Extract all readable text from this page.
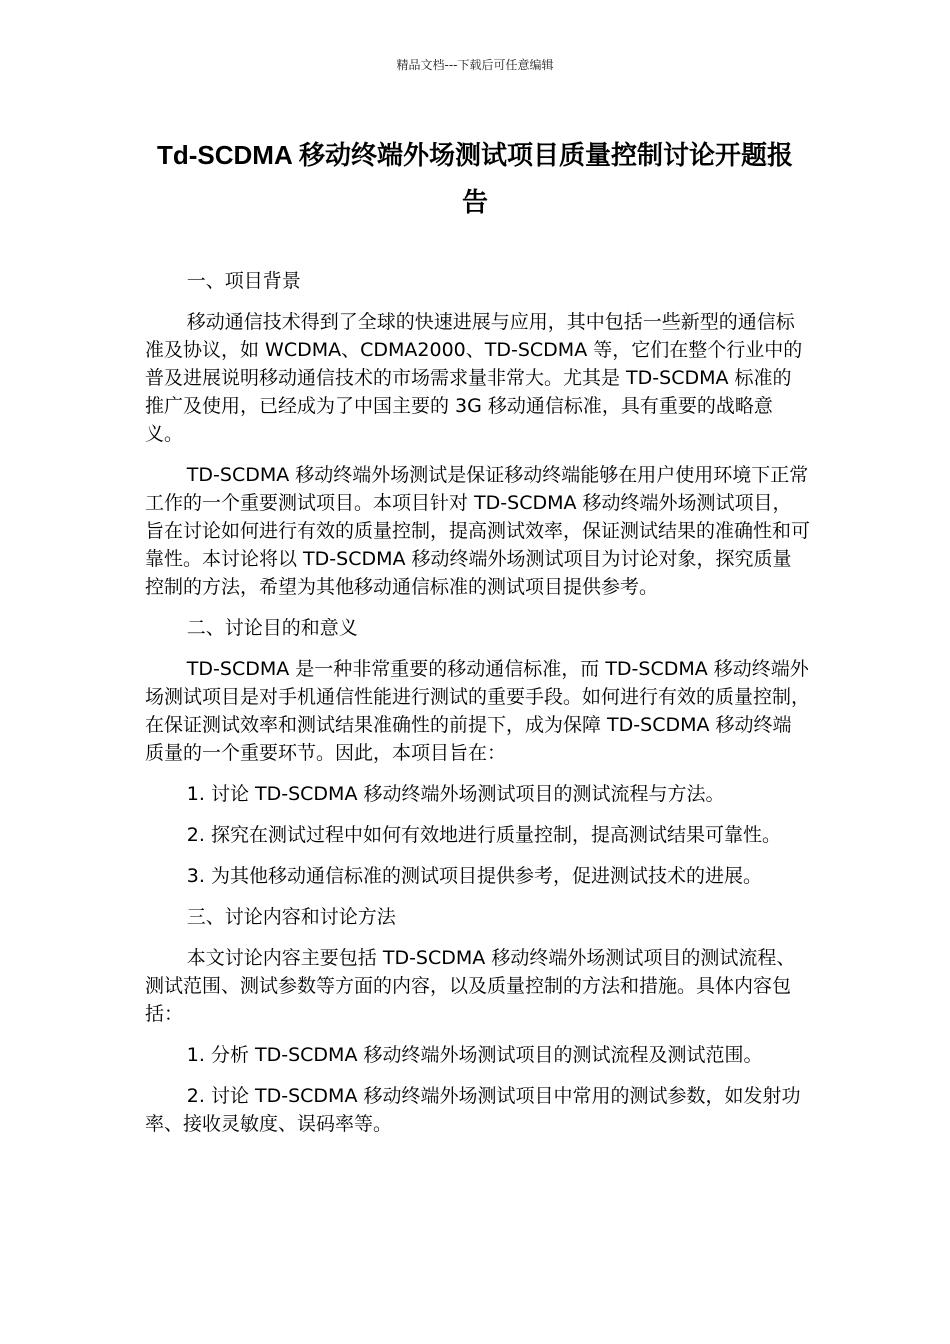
精品文档---下载后可任意编辑
Td-SCDMA 移动终端外场测试项目质量控制讨论开题报告

一、项目背景

移动通信技术得到了全球的快速进展与应用，其中包括一些新型的通信标准及协议，如 WCDMA、CDMA2000、TD-SCDMA 等，它们在整个行业中的普及进展说明移动通信技术的市场需求量非常大。尤其是 TD-SCDMA 标准的推广及使用，已经成为了中国主要的 3G 移动通信标准，具有重要的战略意义。

TD-SCDMA 移动终端外场测试是保证移动终端能够在用户使用环境下正常工作的一个重要测试项目。本项目针对 TD-SCDMA 移动终端外场测试项目，旨在讨论如何进行有效的质量控制，提高测试效率，保证测试结果的准确性和可靠性。本讨论将以 TD-SCDMA 移动终端外场测试项目为讨论对象，探究质量控制的方法，希望为其他移动通信标准的测试项目提供参考。

二、讨论目的和意义

TD-SCDMA 是一种非常重要的移动通信标准，而 TD-SCDMA 移动终端外场测试项目是对手机通信性能进行测试的重要手段。如何进行有效的质量控制，在保证测试效率和测试结果准确性的前提下，成为保障 TD-SCDMA 移动终端质量的一个重要环节。因此，本项目旨在：

1. 讨论 TD-SCDMA 移动终端外场测试项目的测试流程与方法。

2. 探究在测试过程中如何有效地进行质量控制，提高测试结果可靠性。

3. 为其他移动通信标准的测试项目提供参考，促进测试技术的进展。

三、讨论内容和讨论方法

本文讨论内容主要包括 TD-SCDMA 移动终端外场测试项目的测试流程、测试范围、测试参数等方面的内容，以及质量控制的方法和措施。具体内容包括：

1. 分析 TD-SCDMA 移动终端外场测试项目的测试流程及测试范围。

2. 讨论 TD-SCDMA 移动终端外场测试项目中常用的测试参数，如发射功率、接收灵敏度、误码率等。
